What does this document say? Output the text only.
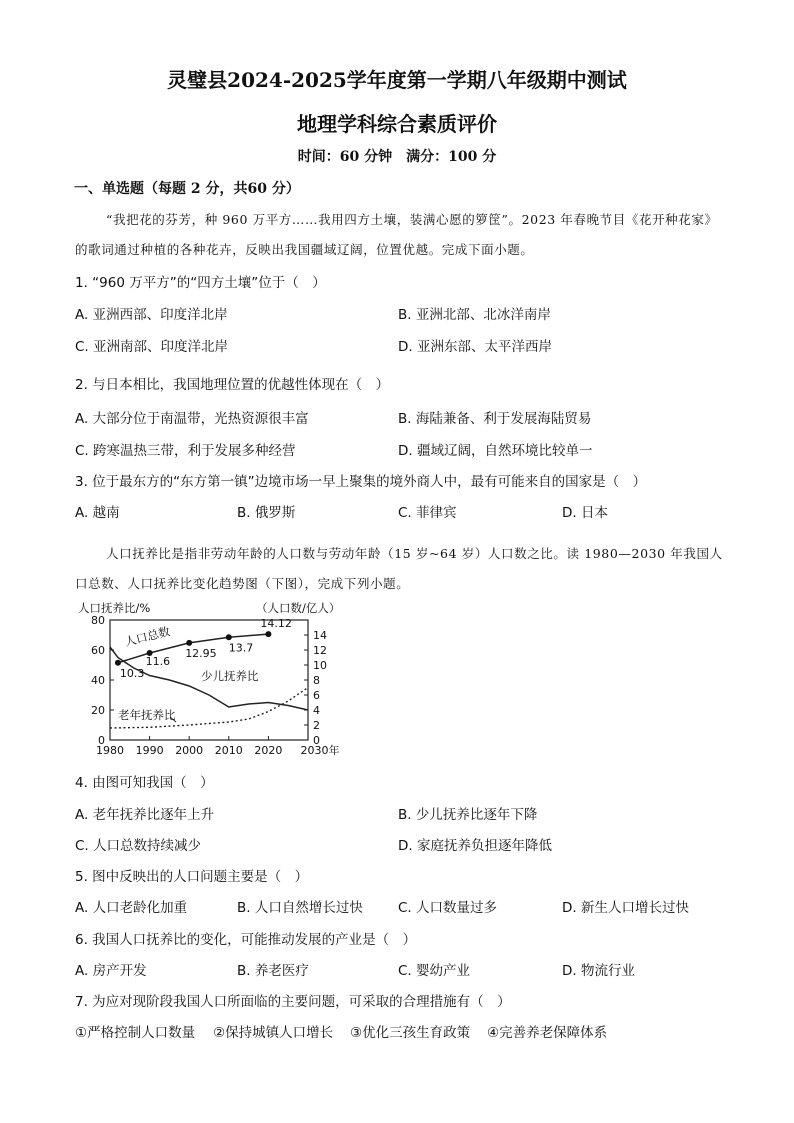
灵璧县2024-2025学年度第一学期八年级期中测试
地理学科综合素质评价
时间：60 分钟　满分：100 分
一、单选题（每题 2 分，共60 分）
“我把花的芬芳，种 960 万平方……我用四方土壤，装满心愿的箩筐”。2023 年春晚节目《花开种花家》
的歌词通过种植的各种花卉，反映出我国疆域辽阔，位置优越。完成下面小题。
1. “960 万平方”的“四方土壤”位于（　）
A. 亚洲西部、印度洋北岸	B. 亚洲北部、北冰洋南岸
C. 亚洲南部、印度洋北岸	D. 亚洲东部、太平洋西岸
2. 与日本相比，我国地理位置的优越性体现在（　）
A. 大部分位于南温带，光热资源很丰富	B. 海陆兼备、利于发展海陆贸易
C. 跨寒温热三带，利于发展多种经营	D. 疆域辽阔，自然环境比较单一
3. 位于最东方的“东方第一镇”边境市场一早上聚集的境外商人中，最有可能来自的国家是（　）
A. 越南	B. 俄罗斯	C. 菲律宾	D. 日本
人口抚养比是指非劳动年龄的人口数与劳动年龄（15 岁~64 岁）人口数之比。读 1980—2030 年我国人
口总数、人口抚养比变化趋势图（下图），完成下列小题。
人口抚养比/%	（人口数/亿人）
0
20
40
60
80
0
2
4
6
8
10
12
14
1980 1990 2000 2010 2020 2030年
10.3
11.6
12.95 13.7
14.12
人口总数
少儿抚养比
老年抚养比
4. 由图可知我国（　）
A. 老年抚养比逐年上升	B. 少儿抚养比逐年下降
C. 人口总数持续减少	D. 家庭抚养负担逐年降低
5. 图中反映出的人口问题主要是（　）
A. 人口老龄化加重	B. 人口自然增长过快	C. 人口数量过多	D. 新生人口增长过快
6. 我国人口抚养比的变化，可能推动发展的产业是（　）
A. 房产开发	B. 养老医疗	C. 婴幼产业	D. 物流行业
7. 为应对现阶段我国人口所面临的主要问题，可采取的合理措施有（　）
①严格控制人口数量 ②保持城镇人口增长 ③优化三孩生育政策 ④完善养老保障体系
